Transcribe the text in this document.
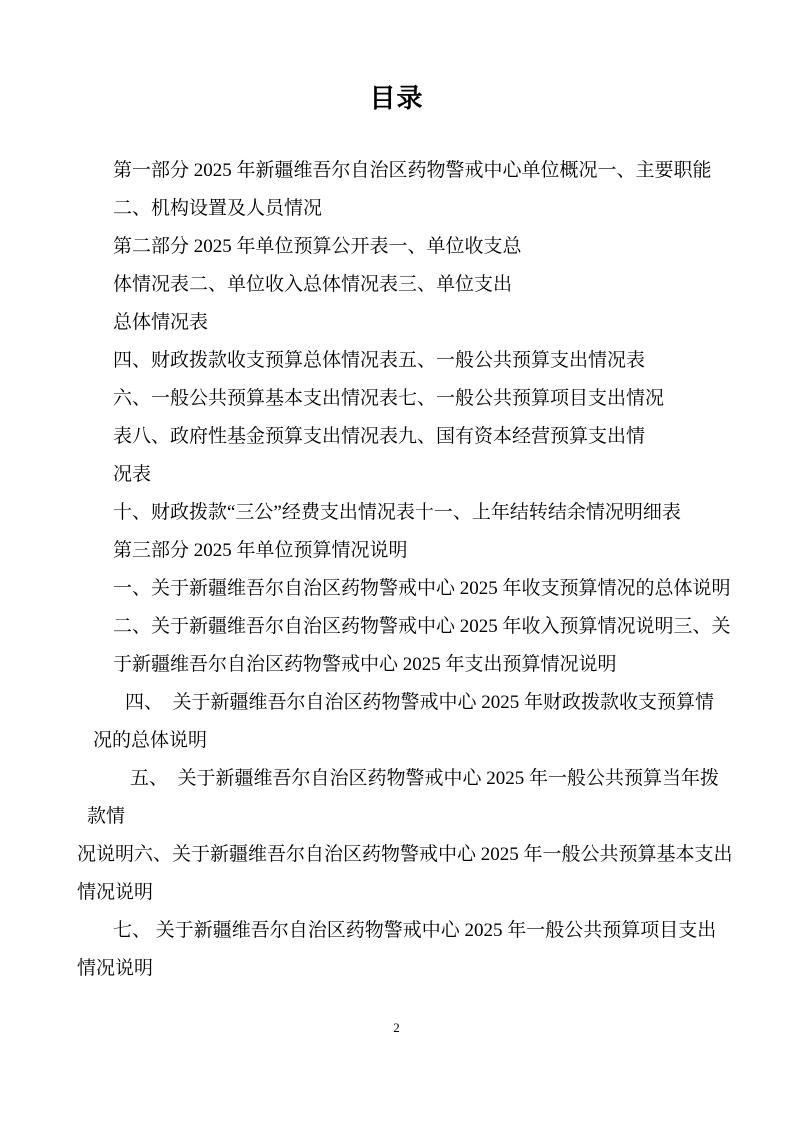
目录
第一部分 2025 年新疆维吾尔自治区药物警戒中心单位概况一、主要职能
二、机构设置及人员情况
第二部分 2025 年单位预算公开表一、单位收支总
体情况表二、单位收入总体情况表三、单位支出
总体情况表
四、财政拨款收支预算总体情况表五、一般公共预算支出情况表
六、一般公共预算基本支出情况表七、一般公共预算项目支出情况
表八、政府性基金预算支出情况表九、国有资本经营预算支出情
况表
十、财政拨款“三公”经费支出情况表十一、上年结转结余情况明细表
第三部分 2025 年单位预算情况说明
一、关于新疆维吾尔自治区药物警戒中心 2025 年收支预算情况的总体说明
二、关于新疆维吾尔自治区药物警戒中心 2025 年收入预算情况说明三、关
于新疆维吾尔自治区药物警戒中心 2025 年支出预算情况说明
四、　关于新疆维吾尔自治区药物警戒中心 2025 年财政拨款收支预算情
况的总体说明
五、　关于新疆维吾尔自治区药物警戒中心 2025 年一般公共预算当年拨
款情
况说明六、关于新疆维吾尔自治区药物警戒中心 2025 年一般公共预算基本支出
情况说明
七、 关于新疆维吾尔自治区药物警戒中心 2025 年一般公共预算项目支出
情况说明
2
